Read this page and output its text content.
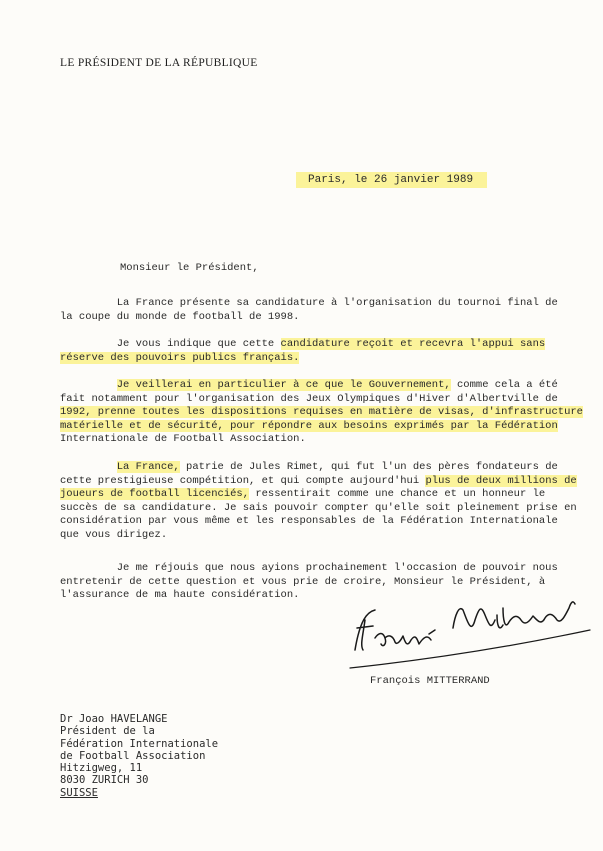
LE PRÉSIDENT DE LA RÉPUBLIQUE
Paris, le 26 janvier 1989
Monsieur le Président,

La France présente sa candidature à l'organisation du tournoi final de
la coupe du monde de football de 1998.

Je vous indique que cette candidature reçoit et recevra l'appui sans
réserve des pouvoirs publics français.

Je veillerai en particulier à ce que le Gouvernement, comme cela a été
fait notamment pour l'organisation des Jeux Olympiques d'Hiver d'Albertville de
1992, prenne toutes les dispositions requises en matière de visas, d'infrastructure
matérielle et de sécurité, pour répondre aux besoins exprimés par la Fédération
Internationale de Football Association.

La France, patrie de Jules Rimet, qui fut l'un des pères fondateurs de
cette prestigieuse compétition, et qui compte aujourd'hui plus de deux millions de
joueurs de football licenciés, ressentirait comme une chance et un honneur le
succès de sa candidature. Je sais pouvoir compter qu'elle soit pleinement prise en
considération par vous même et les responsables de la Fédération Internationale
que vous dirigez.

Je me réjouis que nous ayions prochainement l'occasion de pouvoir nous
entretenir de cette question et vous prie de croire, Monsieur le Président, à
l'assurance de ma haute considération.

François MITTERRAND
Dr Joao HAVELANGE
Président de la
Fédération Internationale
de Football Association
Hitzigweg, 11
8030 ZURICH 30
SUISSE
